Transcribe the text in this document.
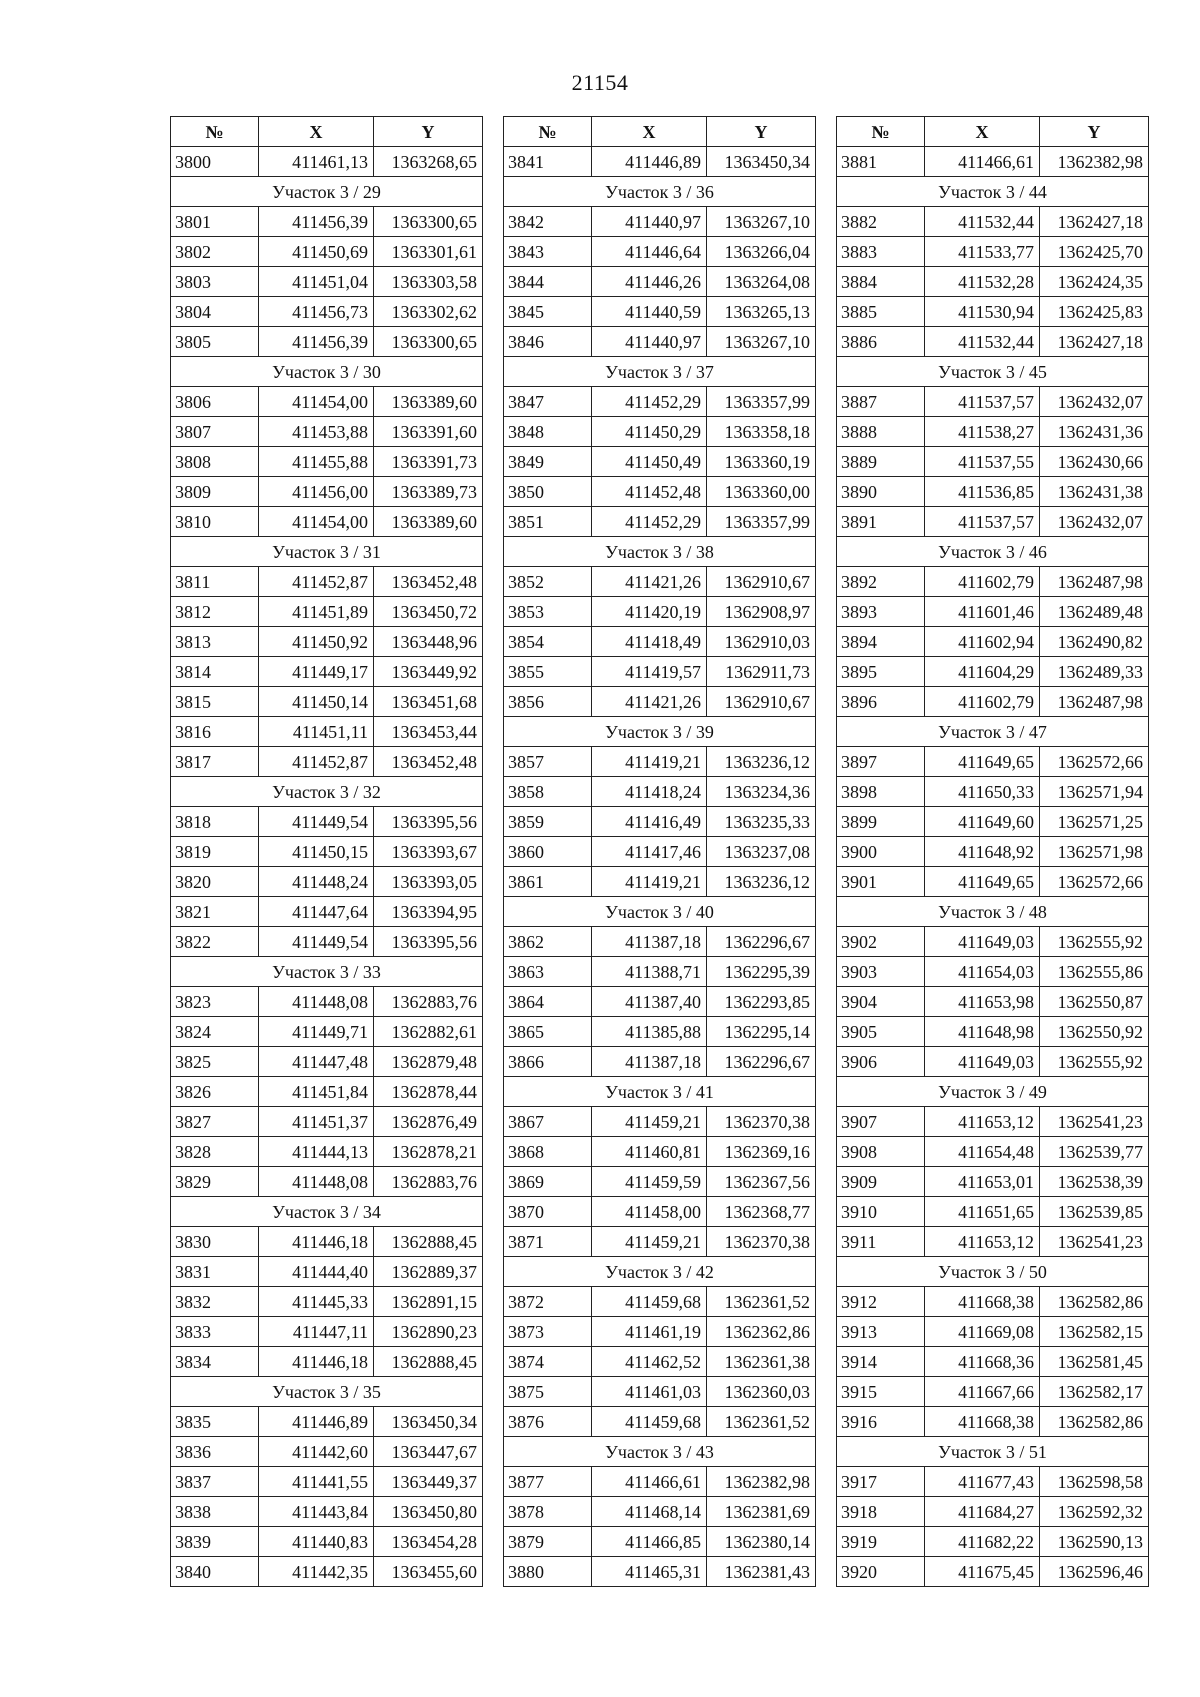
21154
№	X	Y
3800	411461,13	1363268,65
Участок 3 / 29		
3801	411456,39	1363300,65
3802	411450,69	1363301,61
3803	411451,04	1363303,58
3804	411456,73	1363302,62
3805	411456,39	1363300,65
Участок 3 / 30		
3806	411454,00	1363389,60
3807	411453,88	1363391,60
3808	411455,88	1363391,73
3809	411456,00	1363389,73
3810	411454,00	1363389,60
Участок 3 / 31		
3811	411452,87	1363452,48
3812	411451,89	1363450,72
3813	411450,92	1363448,96
3814	411449,17	1363449,92
3815	411450,14	1363451,68
3816	411451,11	1363453,44
3817	411452,87	1363452,48
Участок 3 / 32		
3818	411449,54	1363395,56
3819	411450,15	1363393,67
3820	411448,24	1363393,05
3821	411447,64	1363394,95
3822	411449,54	1363395,56
Участок 3 / 33		
3823	411448,08	1362883,76
3824	411449,71	1362882,61
3825	411447,48	1362879,48
3826	411451,84	1362878,44
3827	411451,37	1362876,49
3828	411444,13	1362878,21
3829	411448,08	1362883,76
Участок 3 / 34		
3830	411446,18	1362888,45
3831	411444,40	1362889,37
3832	411445,33	1362891,15
3833	411447,11	1362890,23
3834	411446,18	1362888,45
Участок 3 / 35		
3835	411446,89	1363450,34
3836	411442,60	1363447,67
3837	411441,55	1363449,37
3838	411443,84	1363450,80
3839	411440,83	1363454,28
3840	411442,35	1363455,60
№	X	Y
3841	411446,89	1363450,34
Участок 3 / 36		
3842	411440,97	1363267,10
3843	411446,64	1363266,04
3844	411446,26	1363264,08
3845	411440,59	1363265,13
3846	411440,97	1363267,10
Участок 3 / 37		
3847	411452,29	1363357,99
3848	411450,29	1363358,18
3849	411450,49	1363360,19
3850	411452,48	1363360,00
3851	411452,29	1363357,99
Участок 3 / 38		
3852	411421,26	1362910,67
3853	411420,19	1362908,97
3854	411418,49	1362910,03
3855	411419,57	1362911,73
3856	411421,26	1362910,67
Участок 3 / 39		
3857	411419,21	1363236,12
3858	411418,24	1363234,36
3859	411416,49	1363235,33
3860	411417,46	1363237,08
3861	411419,21	1363236,12
Участок 3 / 40		
3862	411387,18	1362296,67
3863	411388,71	1362295,39
3864	411387,40	1362293,85
3865	411385,88	1362295,14
3866	411387,18	1362296,67
Участок 3 / 41		
3867	411459,21	1362370,38
3868	411460,81	1362369,16
3869	411459,59	1362367,56
3870	411458,00	1362368,77
3871	411459,21	1362370,38
Участок 3 / 42		
3872	411459,68	1362361,52
3873	411461,19	1362362,86
3874	411462,52	1362361,38
3875	411461,03	1362360,03
3876	411459,68	1362361,52
Участок 3 / 43		
3877	411466,61	1362382,98
3878	411468,14	1362381,69
3879	411466,85	1362380,14
3880	411465,31	1362381,43
№	X	Y
3881	411466,61	1362382,98
Участок 3 / 44		
3882	411532,44	1362427,18
3883	411533,77	1362425,70
3884	411532,28	1362424,35
3885	411530,94	1362425,83
3886	411532,44	1362427,18
Участок 3 / 45		
3887	411537,57	1362432,07
3888	411538,27	1362431,36
3889	411537,55	1362430,66
3890	411536,85	1362431,38
3891	411537,57	1362432,07
Участок 3 / 46		
3892	411602,79	1362487,98
3893	411601,46	1362489,48
3894	411602,94	1362490,82
3895	411604,29	1362489,33
3896	411602,79	1362487,98
Участок 3 / 47		
3897	411649,65	1362572,66
3898	411650,33	1362571,94
3899	411649,60	1362571,25
3900	411648,92	1362571,98
3901	411649,65	1362572,66
Участок 3 / 48		
3902	411649,03	1362555,92
3903	411654,03	1362555,86
3904	411653,98	1362550,87
3905	411648,98	1362550,92
3906	411649,03	1362555,92
Участок 3 / 49		
3907	411653,12	1362541,23
3908	411654,48	1362539,77
3909	411653,01	1362538,39
3910	411651,65	1362539,85
3911	411653,12	1362541,23
Участок 3 / 50		
3912	411668,38	1362582,86
3913	411669,08	1362582,15
3914	411668,36	1362581,45
3915	411667,66	1362582,17
3916	411668,38	1362582,86
Участок 3 / 51		
3917	411677,43	1362598,58
3918	411684,27	1362592,32
3919	411682,22	1362590,13
3920	411675,45	1362596,46
